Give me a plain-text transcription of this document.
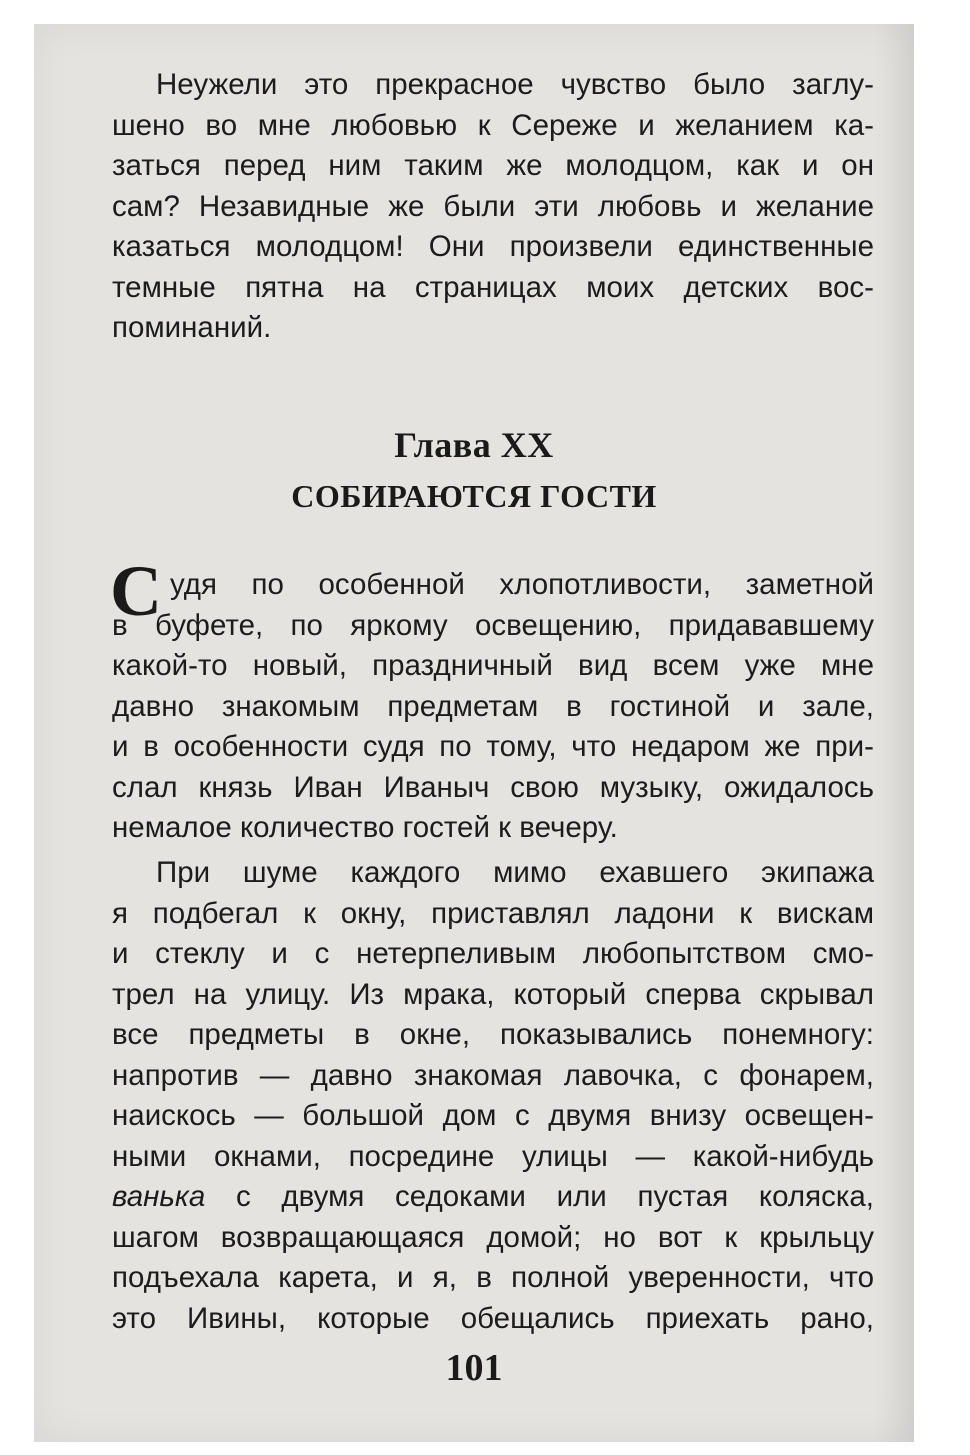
Неужели это прекрасное чувство было заглу-
шено во мне любовью к Сереже и желанием ка-
заться перед ним таким же молодцом, как и он
сам? Незавидные же были эти любовь и желание
казаться молодцом! Они произвели единственные
темные пятна на страницах моих детских вос-
поминаний.
Глава XX
СОБИРАЮТСЯ ГОСТИ
С удя по особенной хлопотливости, заметной
в буфете, по яркому освещению, придававшему
какой-то новый, праздничный вид всем уже мне
давно знакомым предметам в гостиной и зале,
и в особенности судя по тому, что недаром же при-
слал князь Иван Иваныч свою музыку, ожидалось
немалое количество гостей к вечеру.
При шуме каждого мимо ехавшего экипажа
я подбегал к окну, приставлял ладони к вискам
и стеклу и с нетерпеливым любопытством смо-
трел на улицу. Из мрака, который сперва скрывал
все предметы в окне, показывались понемногу:
напротив — давно знакомая лавочка, с фонарем,
наискось — большой дом с двумя внизу освещен-
ными окнами, посредине улицы — какой-нибудь
ванька с двумя седоками или пустая коляска,
шагом возвращающаяся домой; но вот к крыльцу
подъехала карета, и я, в полной уверенности, что
это Ивины, которые обещались приехать рано,
101
